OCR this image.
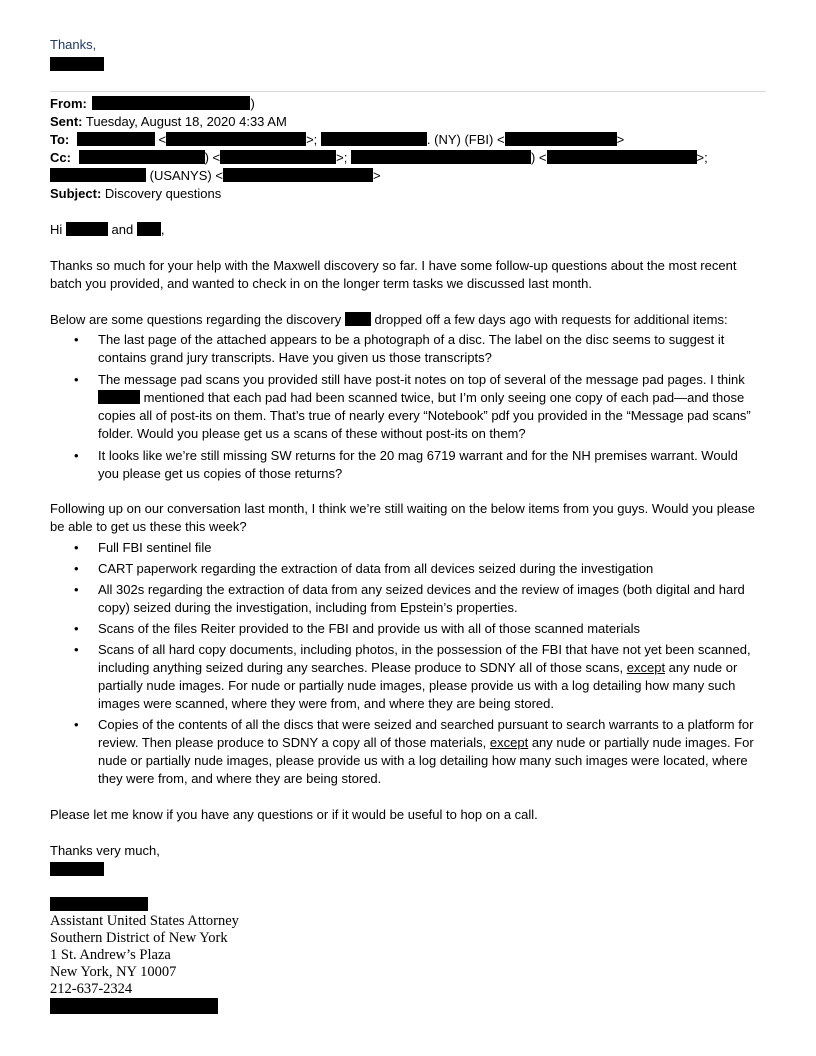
Thanks,
From:	)
Sent: Tuesday, August 18, 2020 4:33 AM
To:	<	>;	. (NY) (FBI) <	>
Cc:	) <	>;	) <	>;
(USANYS) <	>
Subject: Discovery questions
Hi	and ,
Thanks so much for your help with the Maxwell discovery so far. I have some follow-up questions about the most recent batch you provided, and wanted to check in on the longer term tasks we discussed last month.
Below are some questions regarding the discovery  dropped off a few days ago with requests for additional items:
• The last page of the attached appears to be a photograph of a disc. The label on the disc seems to suggest it contains grand jury transcripts. Have you given us those transcripts?
• The message pad scans you provided still have post-it notes on top of several of the message pad pages. I think  mentioned that each pad had been scanned twice, but I’m only seeing one copy of each pad—and those copies all of post-its on them. That’s true of nearly every “Notebook” pdf you provided in the “Message pad scans” folder. Would you please get us a scans of these without post-its on them?
• It looks like we’re still missing SW returns for the 20 mag 6719 warrant and for the NH premises warrant. Would you please get us copies of those returns?
Following up on our conversation last month, I think we’re still waiting on the below items from you guys. Would you please be able to get us these this week?
• Full FBI sentinel file
• CART paperwork regarding the extraction of data from all devices seized during the investigation
• All 302s regarding the extraction of data from any seized devices and the review of images (both digital and hard copy) seized during the investigation, including from Epstein’s properties.
• Scans of the files Reiter provided to the FBI and provide us with all of those scanned materials
• Scans of all hard copy documents, including photos, in the possession of the FBI that have not yet been scanned, including anything seized during any searches. Please produce to SDNY all of those scans, except any nude or partially nude images. For nude or partially nude images, please provide us with a log detailing how many such images were scanned, where they were from, and where they are being stored.
• Copies of the contents of all the discs that were seized and searched pursuant to search warrants to a platform for review. Then please produce to SDNY a copy all of those materials, except any nude or partially nude images. For nude or partially nude images, please provide us with a log detailing how many such images were located, where they were from, and where they are being stored.
Please let me know if you have any questions or if it would be useful to hop on a call.
Thanks very much,
Assistant United States Attorney
Southern District of New York
1 St. Andrew’s Plaza
New York, NY 10007
212-637-2324
